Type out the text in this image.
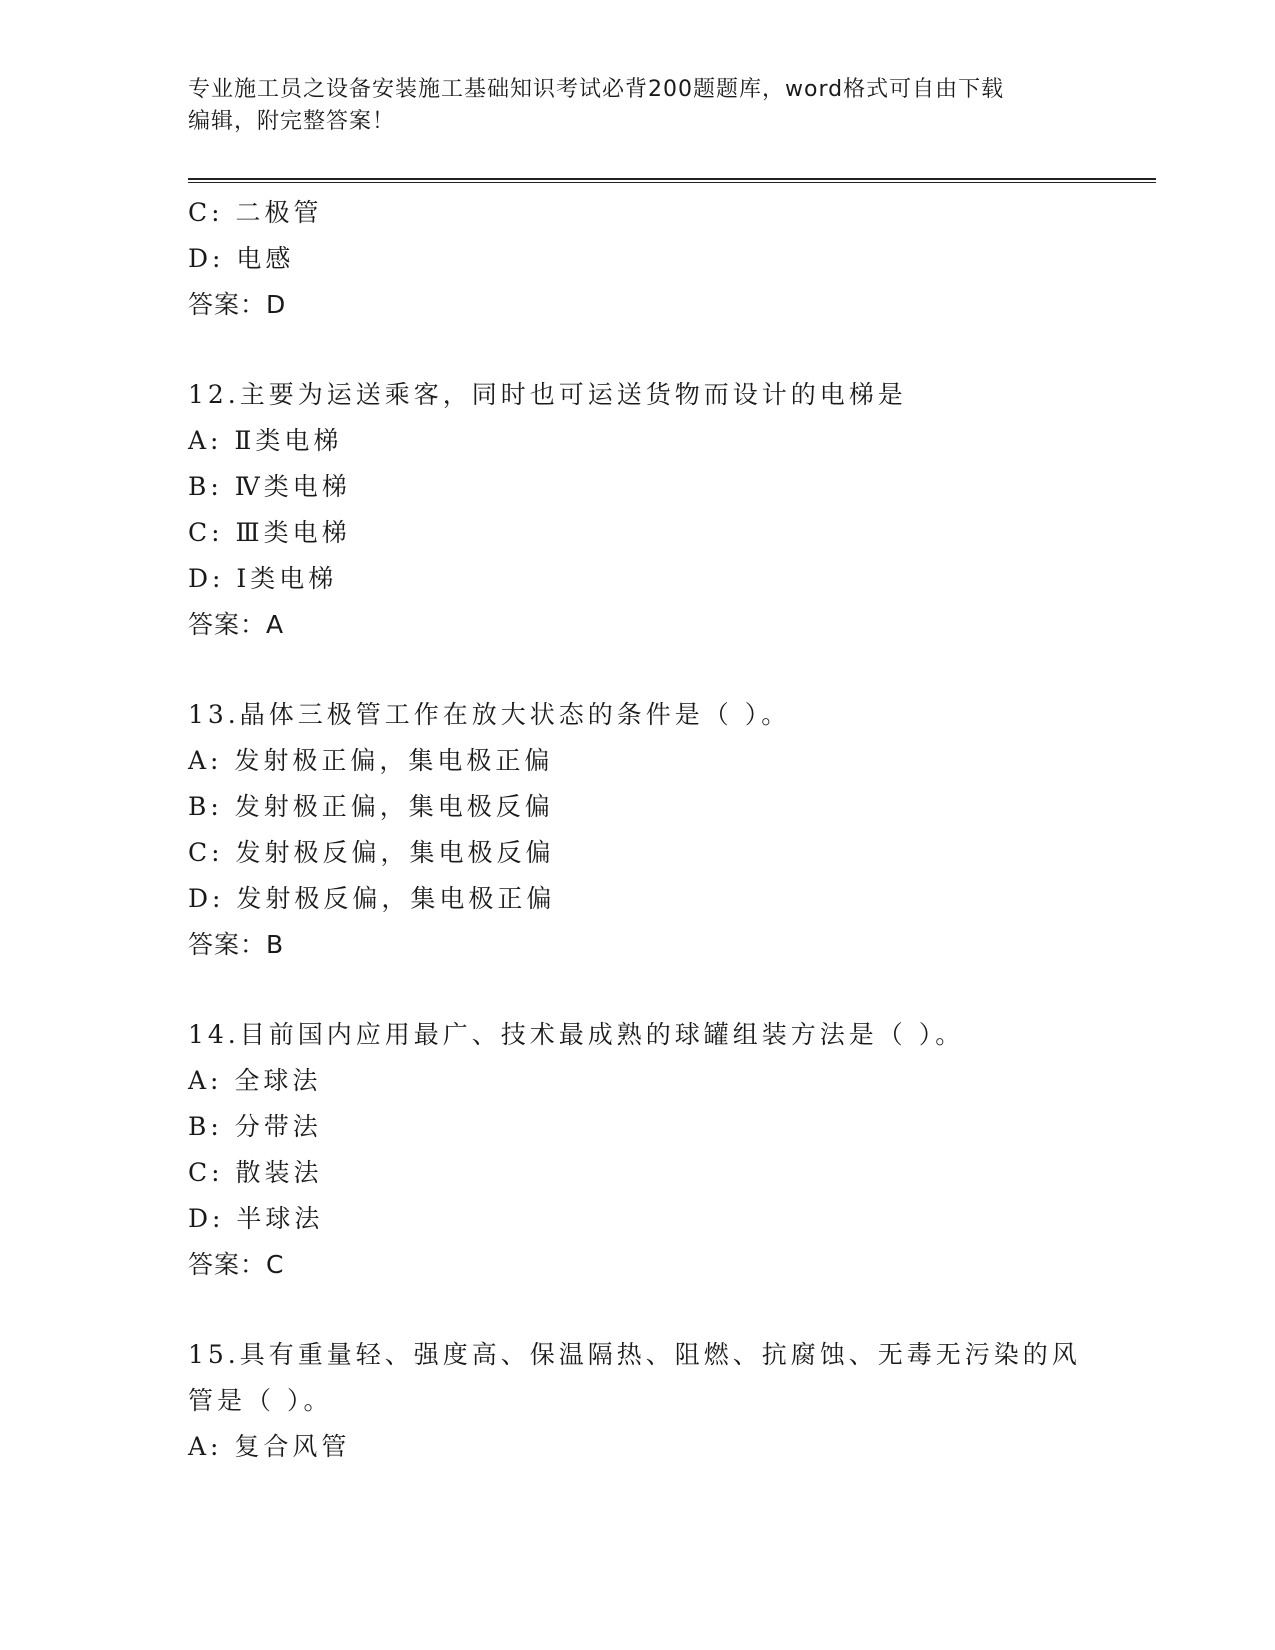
专业施工员之设备安装施工基础知识考试必背200题题库，word格式可自由下载
编辑，附完整答案！
C: 二极管
D: 电感
答案：D
12.主要为运送乘客，同时也可运送货物而设计的电梯是
A: Ⅱ类电梯
B: Ⅳ类电梯
C: Ⅲ类电梯
D: Ⅰ类电梯
答案：A
13.晶体三极管工作在放大状态的条件是（ ）。
A: 发射极正偏，集电极正偏
B: 发射极正偏，集电极反偏
C: 发射极反偏，集电极反偏
D: 发射极反偏，集电极正偏
答案：B
14.目前国内应用最广、技术最成熟的球罐组装方法是（ ）。
A: 全球法
B: 分带法
C: 散装法
D: 半球法
答案：C
15.具有重量轻、强度高、保温隔热、阻燃、抗腐蚀、无毒无污染的风
管是（ ）。
A: 复合风管
